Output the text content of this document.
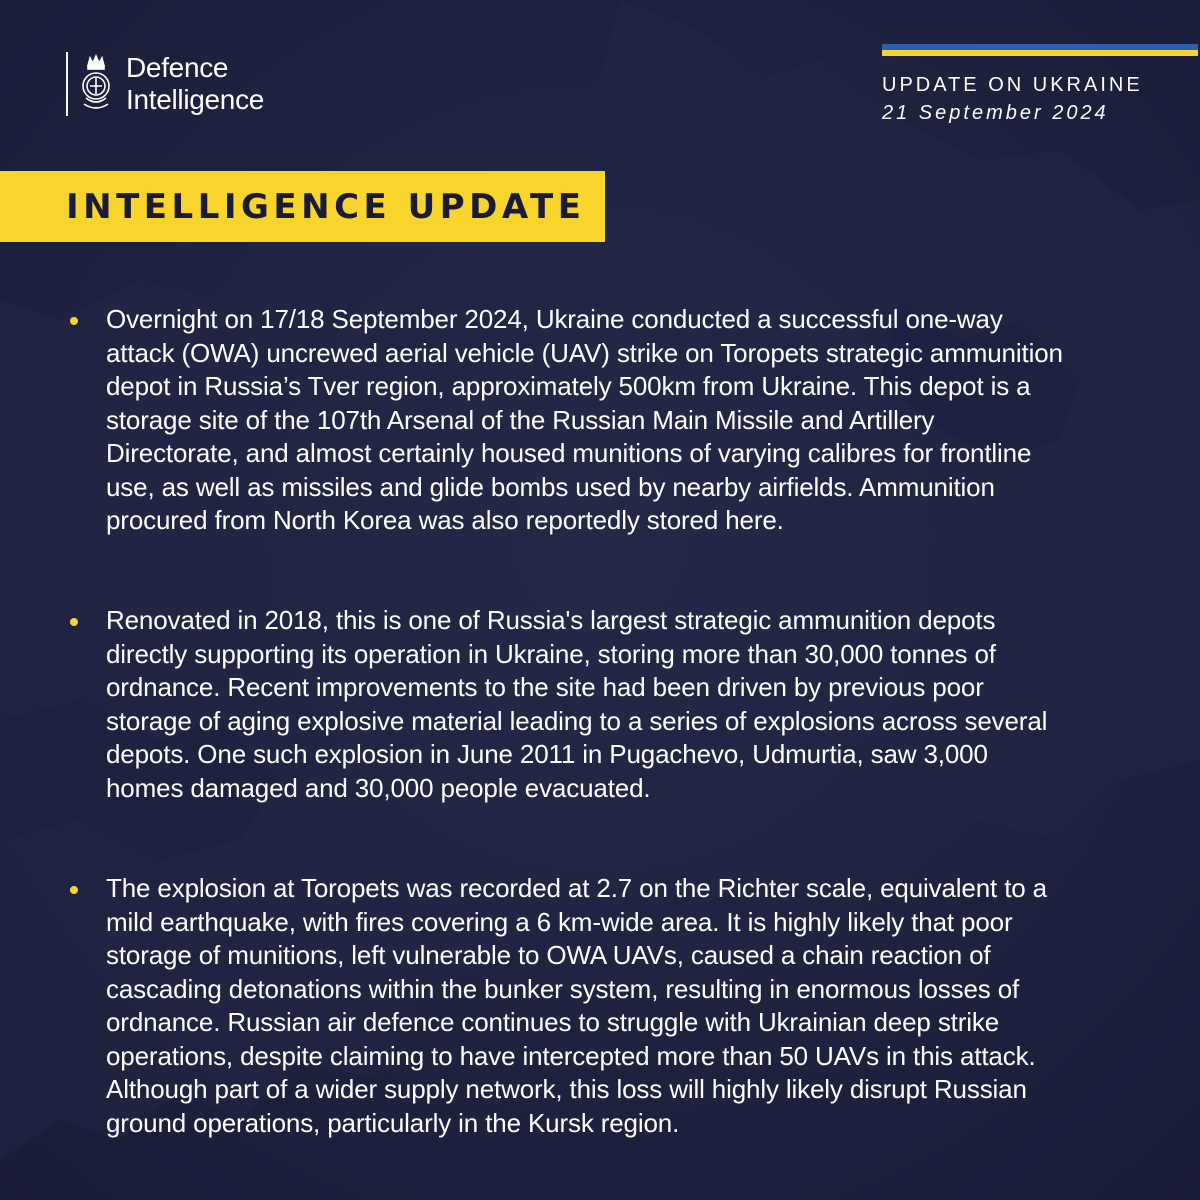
Defence
Intelligence	UPDATE ON UKRAINE
21 September 2024
INTELLIGENCE UPDATE
Overnight on 17/18 September 2024, Ukraine conducted a successful one-way attack (OWA) uncrewed aerial vehicle (UAV) strike on Toropets strategic ammunition depot in Russia’s Tver region, approximately 500km from Ukraine. This depot is a storage site of the 107th Arsenal of the Russian Main Missile and Artillery Directorate, and almost certainly housed munitions of varying calibres for frontline use, as well as missiles and glide bombs used by nearby airfields. Ammunition procured from North Korea was also reportedly stored here.
Renovated in 2018, this is one of Russia's largest strategic ammunition depots directly supporting its operation in Ukraine, storing more than 30,000 tonnes of ordnance. Recent improvements to the site had been driven by previous poor storage of aging explosive material leading to a series of explosions across several depots. One such explosion in June 2011 in Pugachevo, Udmurtia, saw 3,000 homes damaged and 30,000 people evacuated.
The explosion at Toropets was recorded at 2.7 on the Richter scale, equivalent to a mild earthquake, with fires covering a 6 km-wide area. It is highly likely that poor storage of munitions, left vulnerable to OWA UAVs, caused a chain reaction of cascading detonations within the bunker system, resulting in enormous losses of ordnance. Russian air defence continues to struggle with Ukrainian deep strike operations, despite claiming to have intercepted more than 50 UAVs in this attack. Although part of a wider supply network, this loss will highly likely disrupt Russian ground operations, particularly in the Kursk region.
